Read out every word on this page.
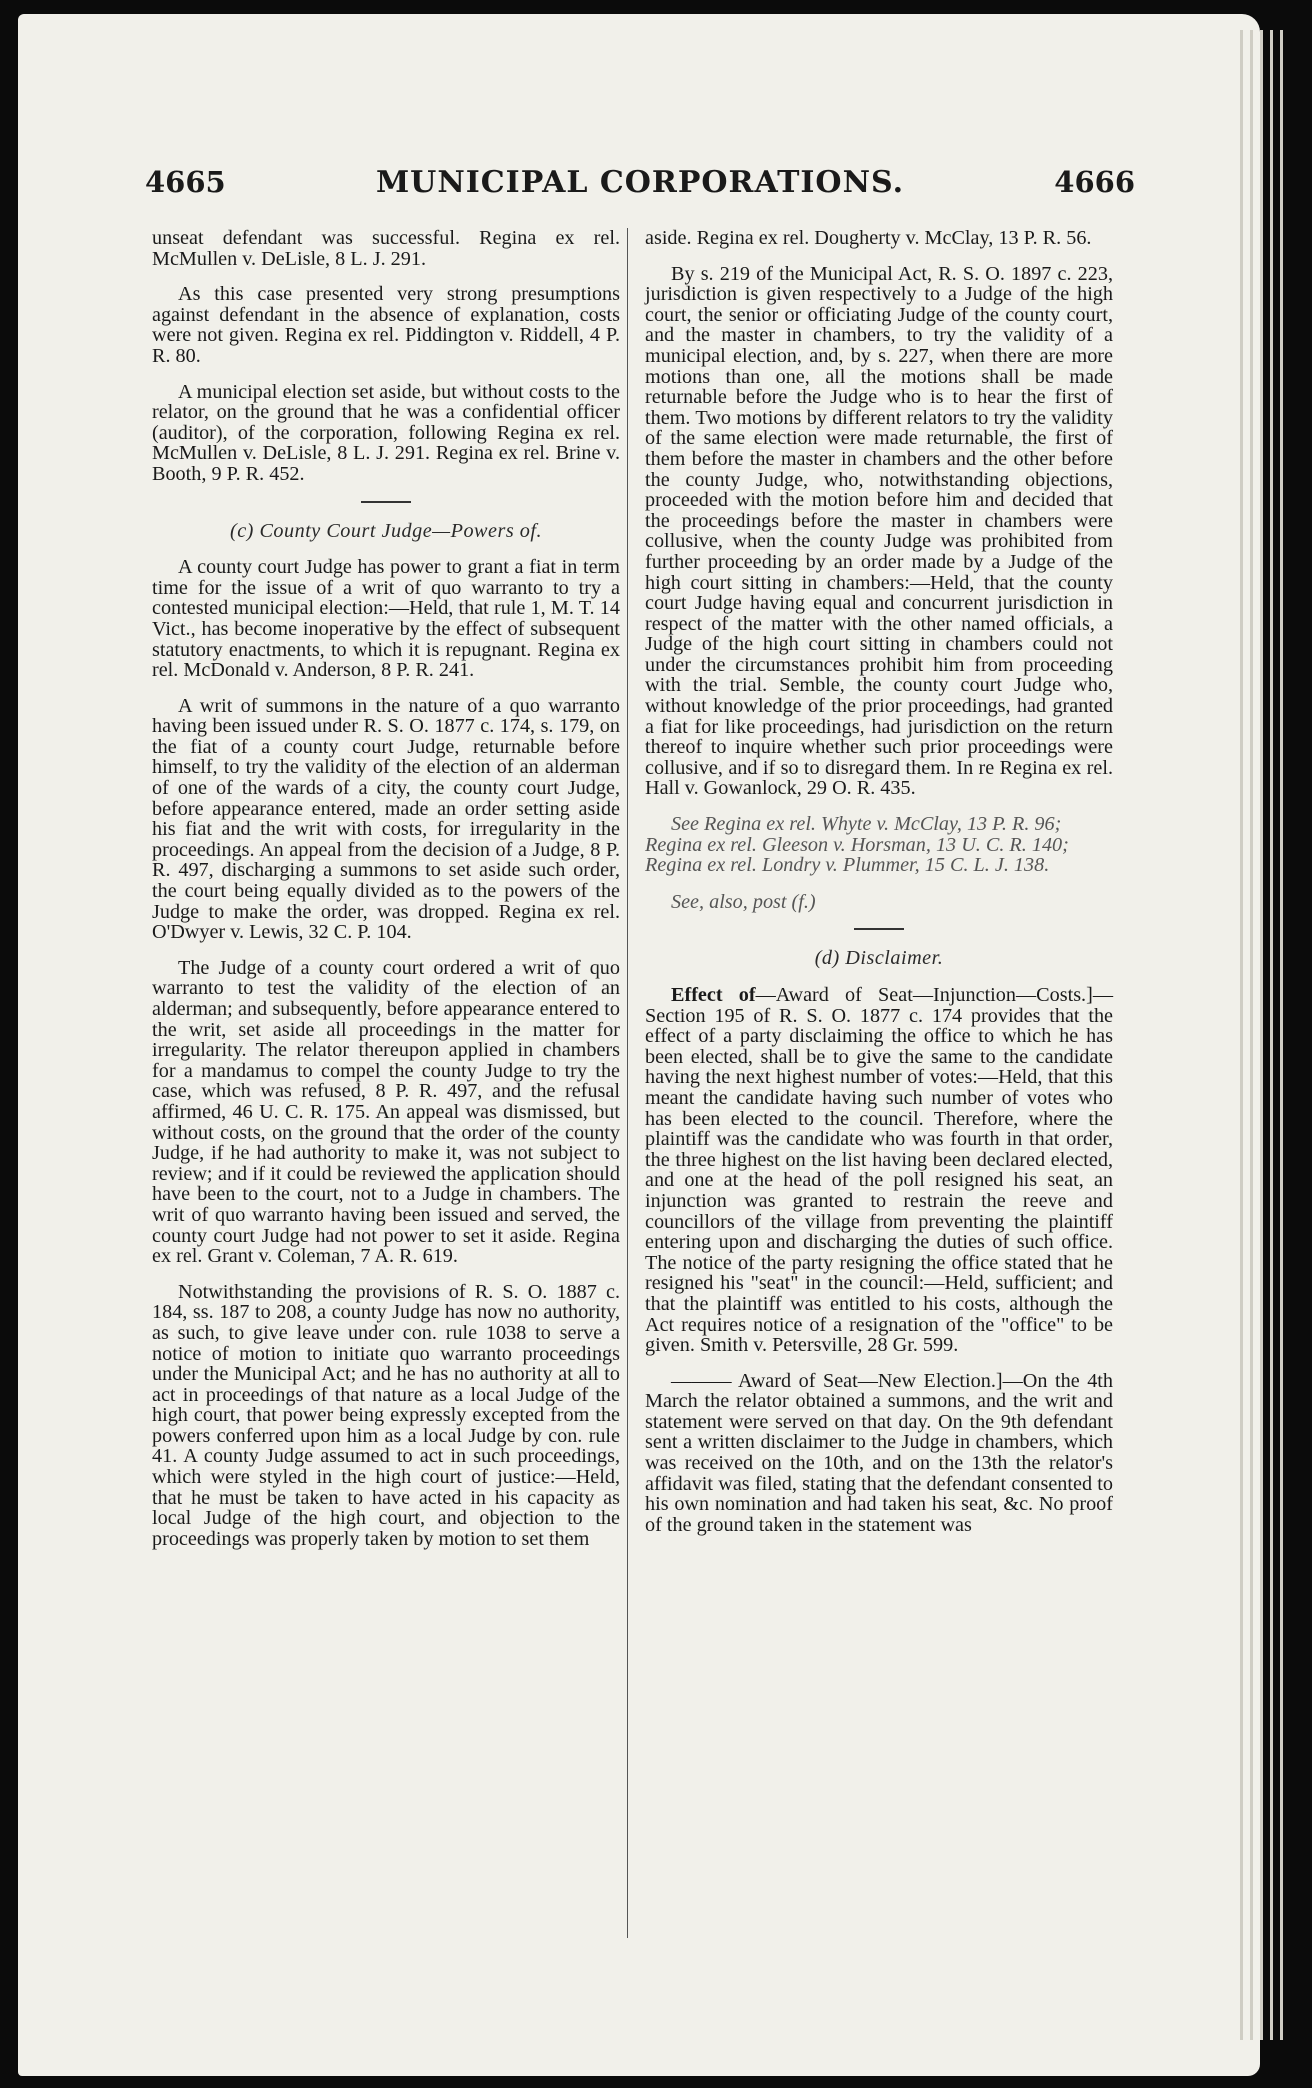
4665	MUNICIPAL CORPORATIONS.	4666

unseat defendant was successful. Regina ex rel. McMullen v. DeLisle, 8 L. J. 291.

As this case presented very strong presumptions against defendant in the absence of explanation, costs were not given. Regina ex rel. Piddington v. Riddell, 4 P. R. 80.

A municipal election set aside, but without costs to the relator, on the ground that he was a confidential officer (auditor), of the corporation, following Regina ex rel. McMullen v. DeLisle, 8 L. J. 291. Regina ex rel. Brine v. Booth, 9 P. R. 452.

(c) County Court Judge—Powers of.

A county court Judge has power to grant a fiat in term time for the issue of a writ of quo warranto to try a contested municipal election:—Held, that rule 1, M. T. 14 Vict., has become inoperative by the effect of subsequent statutory enactments, to which it is repugnant. Regina ex rel. McDonald v. Anderson, 8 P. R. 241.

A writ of summons in the nature of a quo warranto having been issued under R. S. O. 1877 c. 174, s. 179, on the fiat of a county court Judge, returnable before himself, to try the validity of the election of an alderman of one of the wards of a city, the county court Judge, before appearance entered, made an order setting aside his fiat and the writ with costs, for irregularity in the proceedings. An appeal from the decision of a Judge, 8 P. R. 497, discharging a summons to set aside such order, the court being equally divided as to the powers of the Judge to make the order, was dropped. Regina ex rel. O'Dwyer v. Lewis, 32 C. P. 104.

The Judge of a county court ordered a writ of quo warranto to test the validity of the election of an alderman; and subsequently, before appearance entered to the writ, set aside all proceedings in the matter for irregularity. The relator thereupon applied in chambers for a mandamus to compel the county Judge to try the case, which was refused, 8 P. R. 497, and the refusal affirmed, 46 U. C. R. 175. An appeal was dismissed, but without costs, on the ground that the order of the county Judge, if he had authority to make it, was not subject to review; and if it could be reviewed the application should have been to the court, not to a Judge in chambers. The writ of quo warranto having been issued and served, the county court Judge had not power to set it aside. Regina ex rel. Grant v. Coleman, 7 A. R. 619.

Notwithstanding the provisions of R. S. O. 1887 c. 184, ss. 187 to 208, a county Judge has now no authority, as such, to give leave under con. rule 1038 to serve a notice of motion to initiate quo warranto proceedings under the Municipal Act; and he has no authority at all to act in proceedings of that nature as a local Judge of the high court, that power being expressly excepted from the powers conferred upon him as a local Judge by con. rule 41. A county Judge assumed to act in such proceedings, which were styled in the high court of justice:—Held, that he must be taken to have acted in his capacity as local Judge of the high court, and objection to the proceedings was properly taken by motion to set them

aside. Regina ex rel. Dougherty v. McClay, 13 P. R. 56.

By s. 219 of the Municipal Act, R. S. O. 1897 c. 223, jurisdiction is given respectively to a Judge of the high court, the senior or officiating Judge of the county court, and the master in chambers, to try the validity of a municipal election, and, by s. 227, when there are more motions than one, all the motions shall be made returnable before the Judge who is to hear the first of them. Two motions by different relators to try the validity of the same election were made returnable, the first of them before the master in chambers and the other before the county Judge, who, notwithstanding objections, proceeded with the motion before him and decided that the proceedings before the master in chambers were collusive, when the county Judge was prohibited from further proceeding by an order made by a Judge of the high court sitting in chambers:—Held, that the county court Judge having equal and concurrent jurisdiction in respect of the matter with the other named officials, a Judge of the high court sitting in chambers could not under the circumstances prohibit him from proceeding with the trial. Semble, the county court Judge who, without knowledge of the prior proceedings, had granted a fiat for like proceedings, had jurisdiction on the return thereof to inquire whether such prior proceedings were collusive, and if so to disregard them. In re Regina ex rel. Hall v. Gowanlock, 29 O. R. 435.

See Regina ex rel. Whyte v. McClay, 13 P. R. 96; Regina ex rel. Gleeson v. Horsman, 13 U. C. R. 140; Regina ex rel. Londry v. Plummer, 15 C. L. J. 138.

See, also, post (f.)

(d) Disclaimer.

Effect of—Award of Seat—Injunction—Costs.]—Section 195 of R. S. O. 1877 c. 174 provides that the effect of a party disclaiming the office to which he has been elected, shall be to give the same to the candidate having the next highest number of votes:—Held, that this meant the candidate having such number of votes who has been elected to the council. Therefore, where the plaintiff was the candidate who was fourth in that order, the three highest on the list having been declared elected, and one at the head of the poll resigned his seat, an injunction was granted to restrain the reeve and councillors of the village from preventing the plaintiff entering upon and discharging the duties of such office. The notice of the party resigning the office stated that he resigned his "seat" in the council:—Held, sufficient; and that the plaintiff was entitled to his costs, although the Act requires notice of a resignation of the "office" to be given. Smith v. Petersville, 28 Gr. 599.

——— Award of Seat—New Election.]—On the 4th March the relator obtained a summons, and the writ and statement were served on that day. On the 9th defendant sent a written disclaimer to the Judge in chambers, which was received on the 10th, and on the 13th the relator's affidavit was filed, stating that the defendant consented to his own nomination and had taken his seat, &c. No proof of the ground taken in the statement was
